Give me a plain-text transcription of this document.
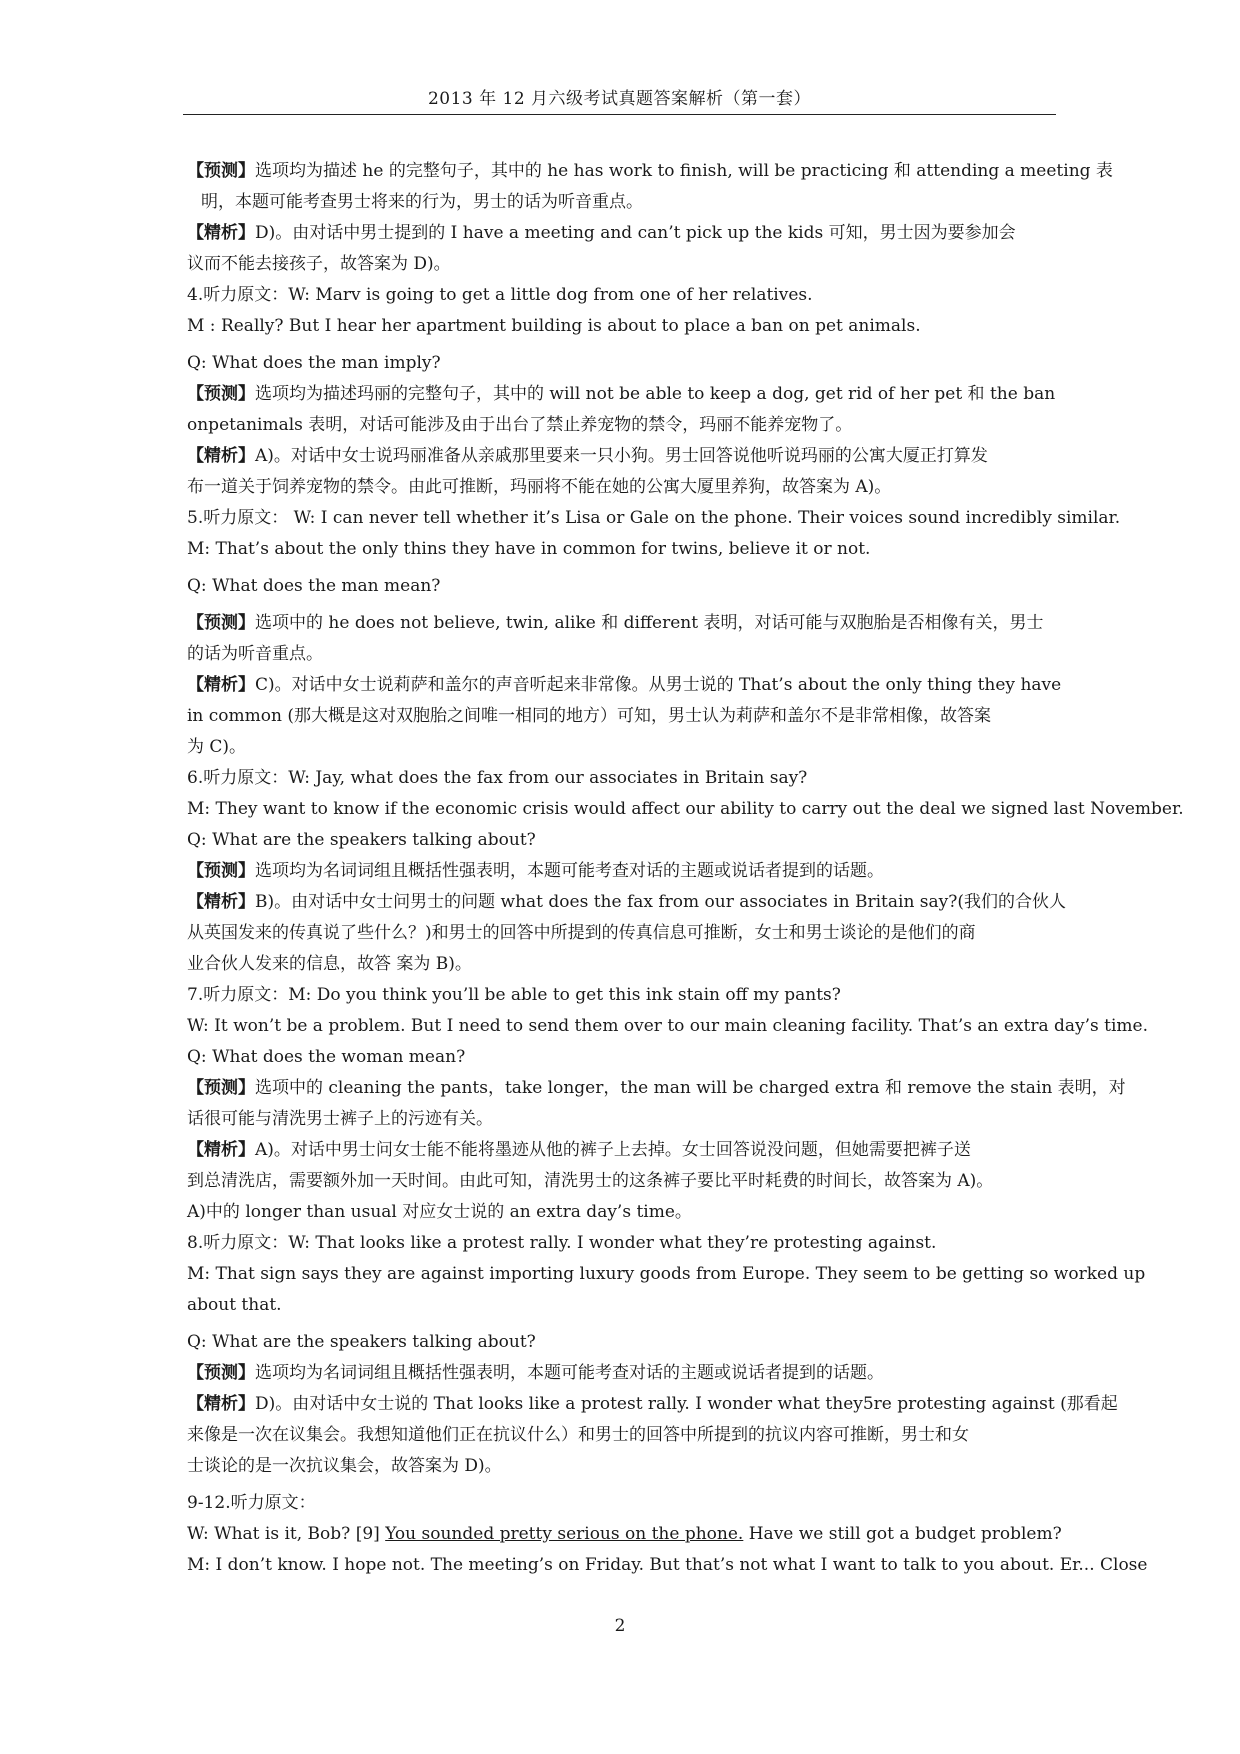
2013 年 12 月六级考试真题答案解析（第一套）

【预测】选项均为描述 he 的完整句子，其中的 he has work to finish, will be practicing 和 attending a meeting 表

明，本题可能考查男士将来的行为，男士的话为听音重点。

【精析】D)。由对话中男士提到的 I have a meeting and can’t pick up the kids 可知，男士因为要参加会

议而不能去接孩子，故答案为 D)。

4.听力原文：W: Marv is going to get a little dog from one of her relatives.

M : Really? But I hear her apartment building is about to place a ban on pet animals.

Q: What does the man imply?

【预测】选项均为描述玛丽的完整句子，其中的 will not be able to keep a dog, get rid of her pet 和 the ban

onpetanimals 表明，对话可能涉及由于出台了禁止养宠物的禁令，玛丽不能养宠物了。

【精析】A)。对话中女士说玛丽准备从亲戚那里要来一只小狗。男士回答说他听说玛丽的公寓大厦正打算发

布一道关于饲养宠物的禁令。由此可推断，玛丽将不能在她的公寓大厦里养狗，故答案为 A)。

5.听力原文： W: I can never tell whether it’s Lisa or Gale on the phone. Their voices sound incredibly similar.

M: That’s about the only thins they have in common for twins, believe it or not.

Q: What does the man mean?

【预测】选项中的 he does not believe, twin, alike 和 different 表明，对话可能与双胞胎是否相像有关，男士

的话为听音重点。

【精析】C)。对话中女士说莉萨和盖尔的声音听起来非常像。从男士说的 That’s about the only thing they have

in common (那大概是这对双胞胎之间唯一相同的地方）可知，男士认为莉萨和盖尔不是非常相像，故答案

为 C)。

6.听力原文：W: Jay, what does the fax from our associates in Britain say?

M: They want to know if the economic crisis would affect our ability to carry out the deal we signed last November.

Q: What are the speakers talking about?

【预测】选项均为名词词组且概括性强表明，本题可能考查对话的主题或说话者提到的话题。

【精析】B)。由对话中女士问男士的问题 what does the fax from our associates in Britain say?(我们的合伙人

从英国发来的传真说了些什么？)和男士的回答中所提到的传真信息可推断，女士和男士谈论的是他们的商

业合伙人发来的信息，故答 案为 B)。

7.听力原文：M: Do you think you’ll be able to get this ink stain off my pants?

W: It won’t be a problem. But I need to send them over to our main cleaning facility. That’s an extra day’s time.

Q: What does the woman mean?

【预测】选项中的 cleaning the pants，take longer，the man will be charged extra 和 remove the stain 表明，对

话很可能与清洗男士裤子上的污迹有关。

【精析】A)。对话中男士问女士能不能将墨迹从他的裤子上去掉。女士回答说没问题，但她需要把裤子送

到总清洗店，需要额外加一天时间。由此可知，清洗男士的这条裤子要比平时耗费的时间长，故答案为 A)。

A)中的 longer than usual 对应女士说的 an extra day’s time。

8.听力原文：W: That looks like a protest rally. I wonder what they’re protesting against.

M: That sign says they are against importing luxury goods from Europe. They seem to be getting so worked up

about that.

Q: What are the speakers talking about?

【预测】选项均为名词词组且概括性强表明，本题可能考查对话的主题或说话者提到的话题。

【精析】D)。由对话中女士说的 That looks like a protest rally. I wonder what they5re protesting against (那看起

来像是一次在议集会。我想知道他们正在抗议什么）和男士的回答中所提到的抗议内容可推断，男士和女

士谈论的是一次抗议集会，故答案为 D)。

9-12.听力原文：

W: What is it, Bob? [9] You sounded pretty serious on the phone. Have we still got a budget problem?

M: I don’t know. I hope not. The meeting’s on Friday. But that’s not what I want to talk to you about. Er... Close

2
